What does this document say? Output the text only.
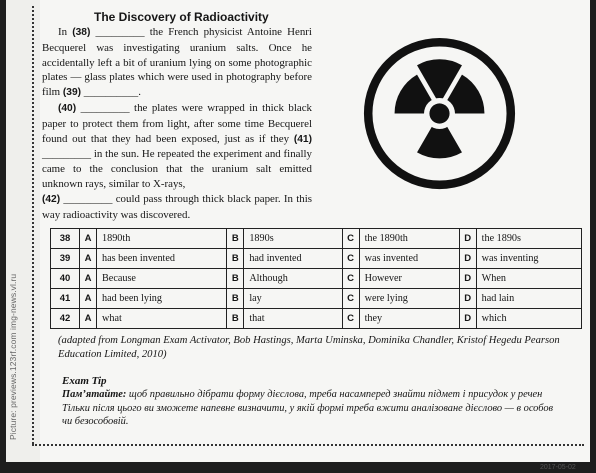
Picture: previews.123rf.com img-news.vl.ru
The Discovery of Radioactivity

In (38) _________ the French physicist Antoine Henri Becquerel was investigating uranium salts. Once he accidentally left a bit of uranium lying on some photographic plates — glass plates which were used in photography before film (39) __________.

(40) _________ the plates were wrapped in thick black paper to protect them from light, after some time Becquerel found out that they had been exposed, just as if they (41) _________ in the sun. He repeated the experiment and finally came to the conclusion that the uranium salt emitted unknown rays, similar to X-rays,
(42) _________ could pass through thick black paper. In this way radioactivity was discovered.

38	A	1890th	B	1890s	C	the 1890th	D	the 1890s
39	A	has been invented	B	had invented	C	was invented	D	was inventing
40	A	Because	B	Although	C	However	D	When
41	A	had been lying	B	lay	C	were lying	D	had lain
42	A	what	B	that	C	they	D	which
(adapted from Longman Exam Activator, Bob Hastings, Marta Uminska, Dominika Chandler, Kristof Hegedu Pearson Education Limited, 2010)
Exam Tip
Пам’ятайте: щоб правильно дібрати форму дієслова, треба насамперед знайти підмет і присудок у речен
Тільки після цього ви зможете напевне визначити, у якій формі треба вжити аналізоване дієслово — в особов
чи безособовій.
2017-05-02
